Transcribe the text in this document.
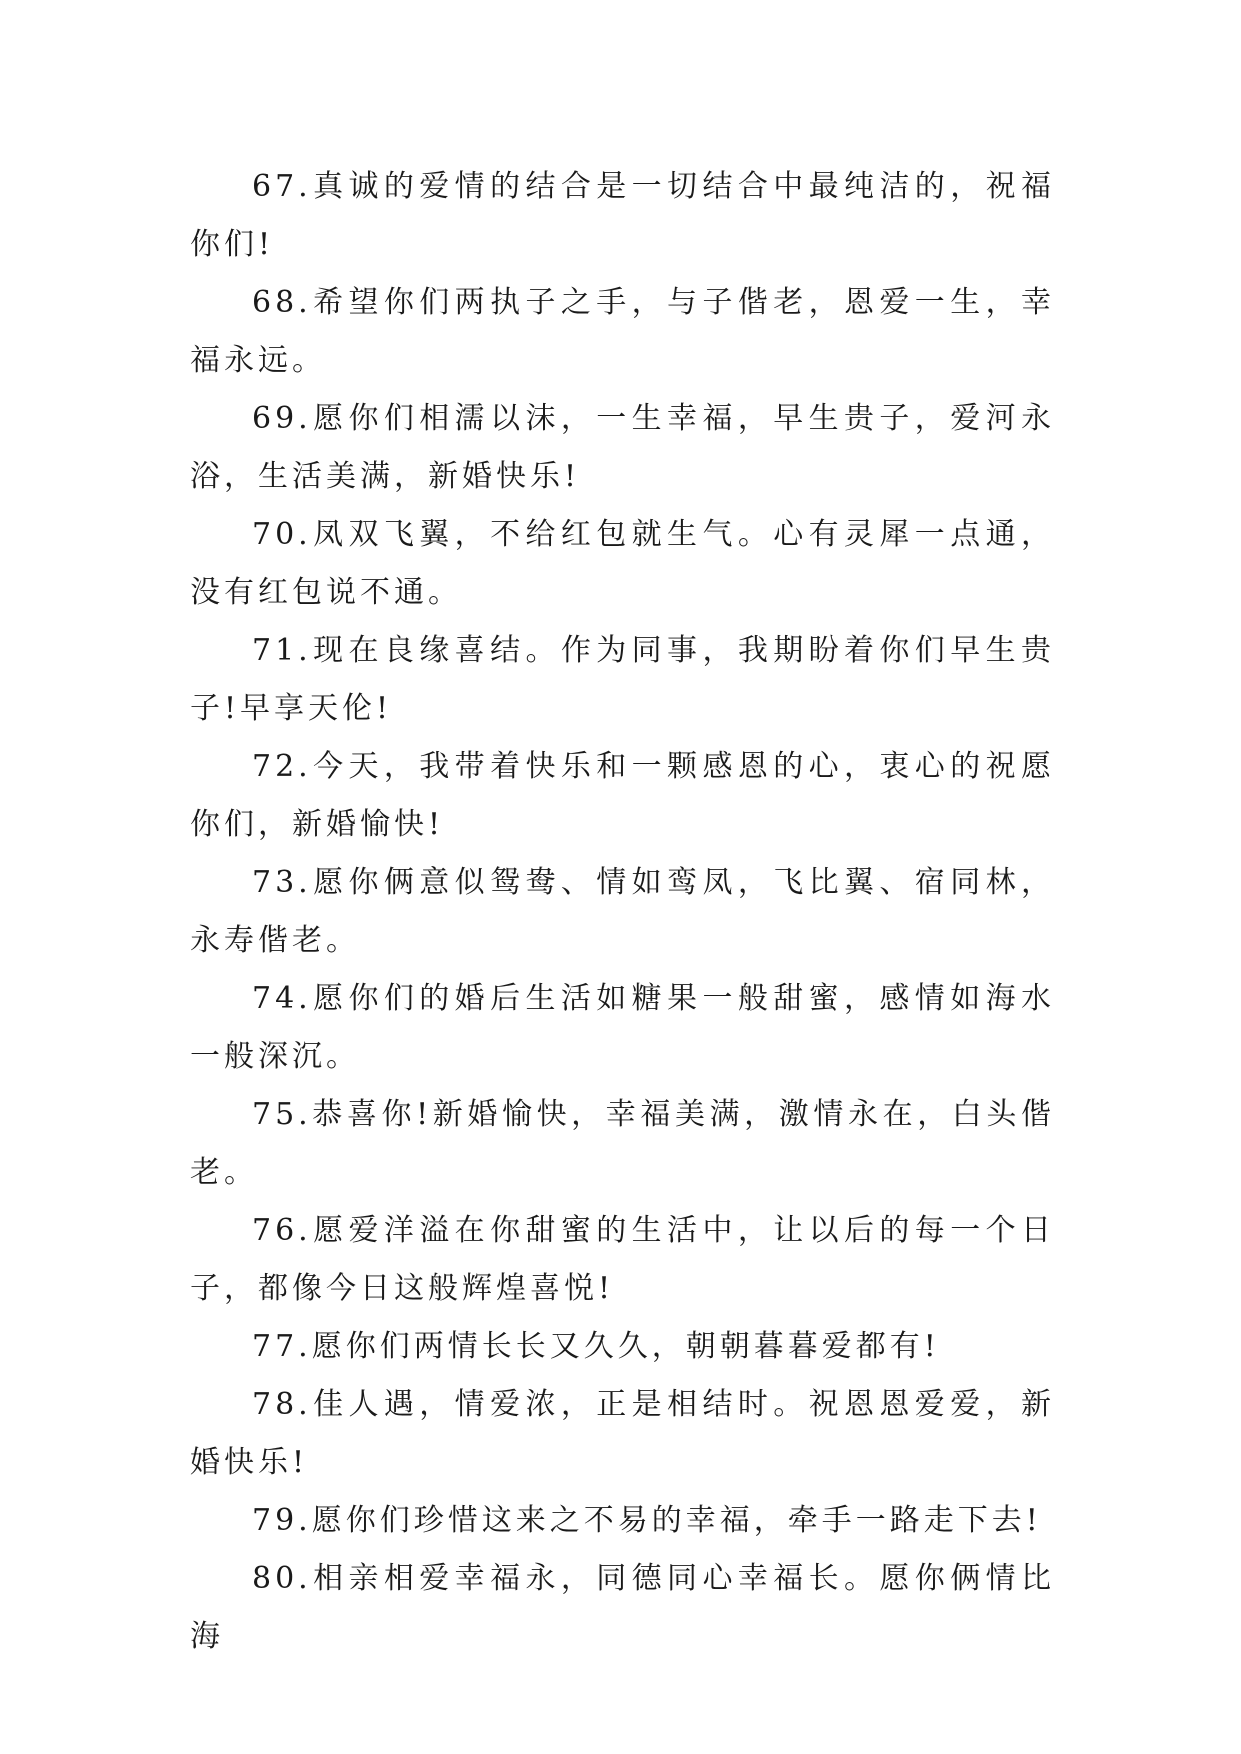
67.真诚的爱情的结合是一切结合中最纯洁的，祝福你们!

68.希望你们两执子之手，与子偕老，恩爱一生，幸福永远。

69.愿你们相濡以沫，一生幸福，早生贵子，爱河永浴，生活美满，新婚快乐!

70.凤双飞翼，不给红包就生气。心有灵犀一点通，没有红包说不通。

71.现在良缘喜结。作为同事，我期盼着你们早生贵子!早享天伦!

72.今天，我带着快乐和一颗感恩的心，衷心的祝愿你们，新婚愉快!

73.愿你俩意似鸳鸯、情如鸾凤，飞比翼、宿同林，永寿偕老。

74.愿你们的婚后生活如糖果一般甜蜜，感情如海水一般深沉。

75.恭喜你!新婚愉快，幸福美满，激情永在，白头偕老。

76.愿爱洋溢在你甜蜜的生活中，让以后的每一个日子，都像今日这般辉煌喜悦!

77.愿你们两情长长又久久，朝朝暮暮爱都有!

78.佳人遇，情爱浓，正是相结时。祝恩恩爱爱，新婚快乐!

79.愿你们珍惜这来之不易的幸福，牵手一路走下去!

80.相亲相爱幸福永，同德同心幸福长。愿你俩情比海
